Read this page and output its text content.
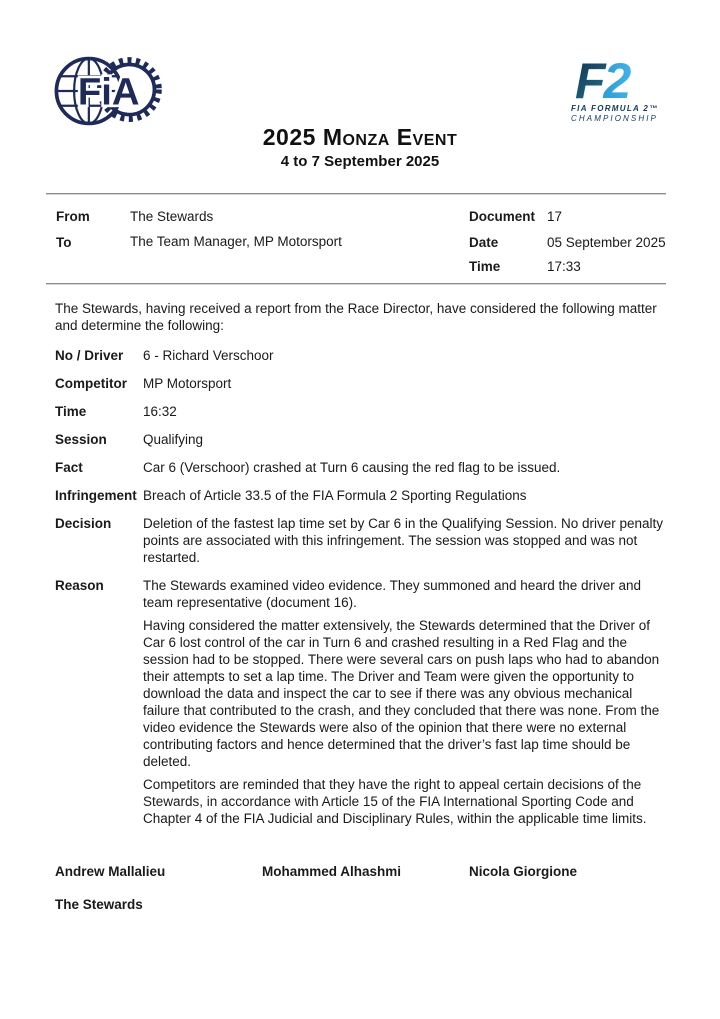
FiA	F2
FIA FORMULA 2™
CHAMPIONSHIP
2025 Monza Event
4 to 7 September 2025
From	The Stewards
To	The Team Manager, MP Motorsport
Document 17
Date	05 September 2025
Time	17:33

The Stewards, having received a report from the Race Director, have considered the following matter and determine the following:

No / Driver	6 - Richard Verschoor
Competitor	MP Motorsport
Time	16:32
Session	Qualifying
Fact	Car 6 (Verschoor) crashed at Turn 6 causing the red flag to be issued.
Infringement Breach of Article 33.5 of the FIA Formula 2 Sporting Regulations
Decision	Deletion of the fastest lap time set by Car 6 in the Qualifying Session. No driver penalty points are associated with this infringement. The session was stopped and was not restarted.
Reason	The Stewards examined video evidence. They summoned and heard the driver and team representative (document 16).

Having considered the matter extensively, the Stewards determined that the Driver of Car 6 lost control of the car in Turn 6 and crashed resulting in a Red Flag and the session had to be stopped. There were several cars on push laps who had to abandon their attempts to set a lap time. The Driver and Team were given the opportunity to download the data and inspect the car to see if there was any obvious mechanical failure that contributed to the crash, and they concluded that there was none. From the video evidence the Stewards were also of the opinion that there were no external contributing factors and hence determined that the driver’s fast lap time should be deleted.

Competitors are reminded that they have the right to appeal certain decisions of the Stewards, in accordance with Article 15 of the FIA International Sporting Code and Chapter 4 of the FIA Judicial and Disciplinary Rules, within the applicable time limits.

Andrew Mallalieu	Mohammed Alhashmi	Nicola Giorgione
The Stewards
